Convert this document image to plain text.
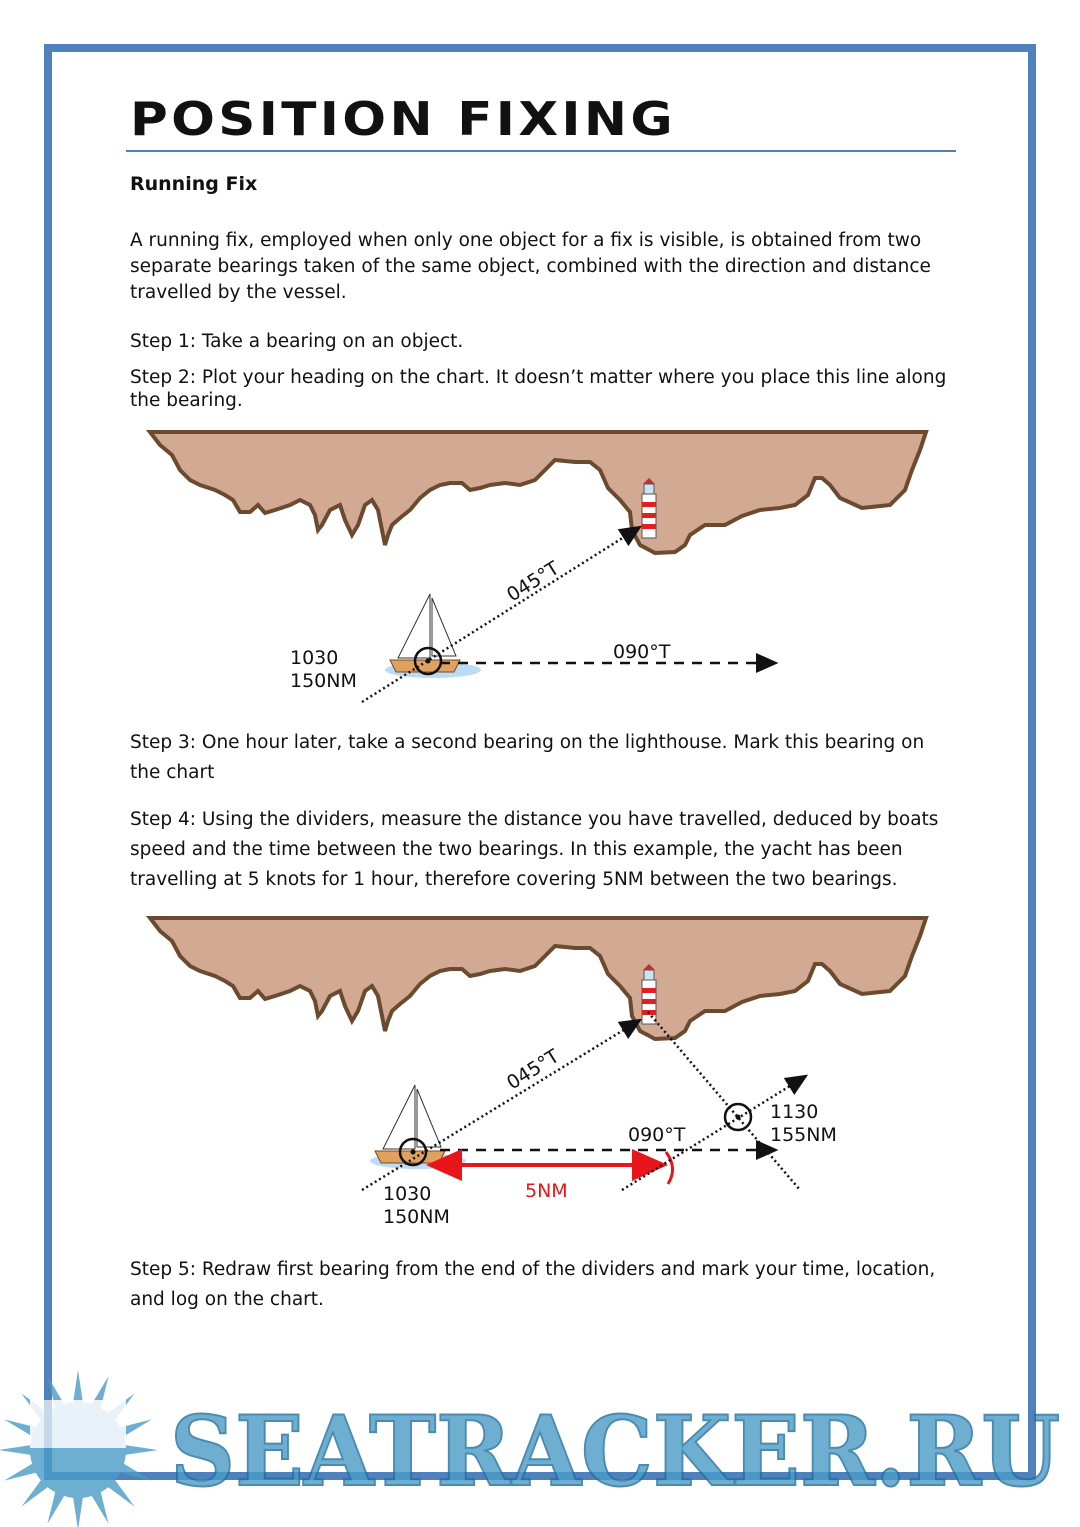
POSITION FIXING
Running Fix
A running fix, employed when only one object for a fix is visible, is obtained from two separate bearings taken of the same object, combined with the direction and distance travelled by the vessel.
Step 1: Take a bearing on an object.
Step 2: Plot your heading on the chart. It doesn’t matter where you place this line along the bearing.
Step 3: One hour later, take a second bearing on the lighthouse. Mark this bearing on the chart
Step 4: Using the dividers, measure the distance you have travelled, deduced by boats speed and the time between the two bearings. In this example, the yacht has been travelling at 5 knots for 1 hour, therefore covering 5NM between the two bearings.
Step 5: Redraw first bearing from the end of the dividers and mark your time, location, and log on the chart.
045°T
090°T
1030
150NM
045°T
090°T
1030
150NM
5NM
1130
155NM
SEATRACKER.RU
